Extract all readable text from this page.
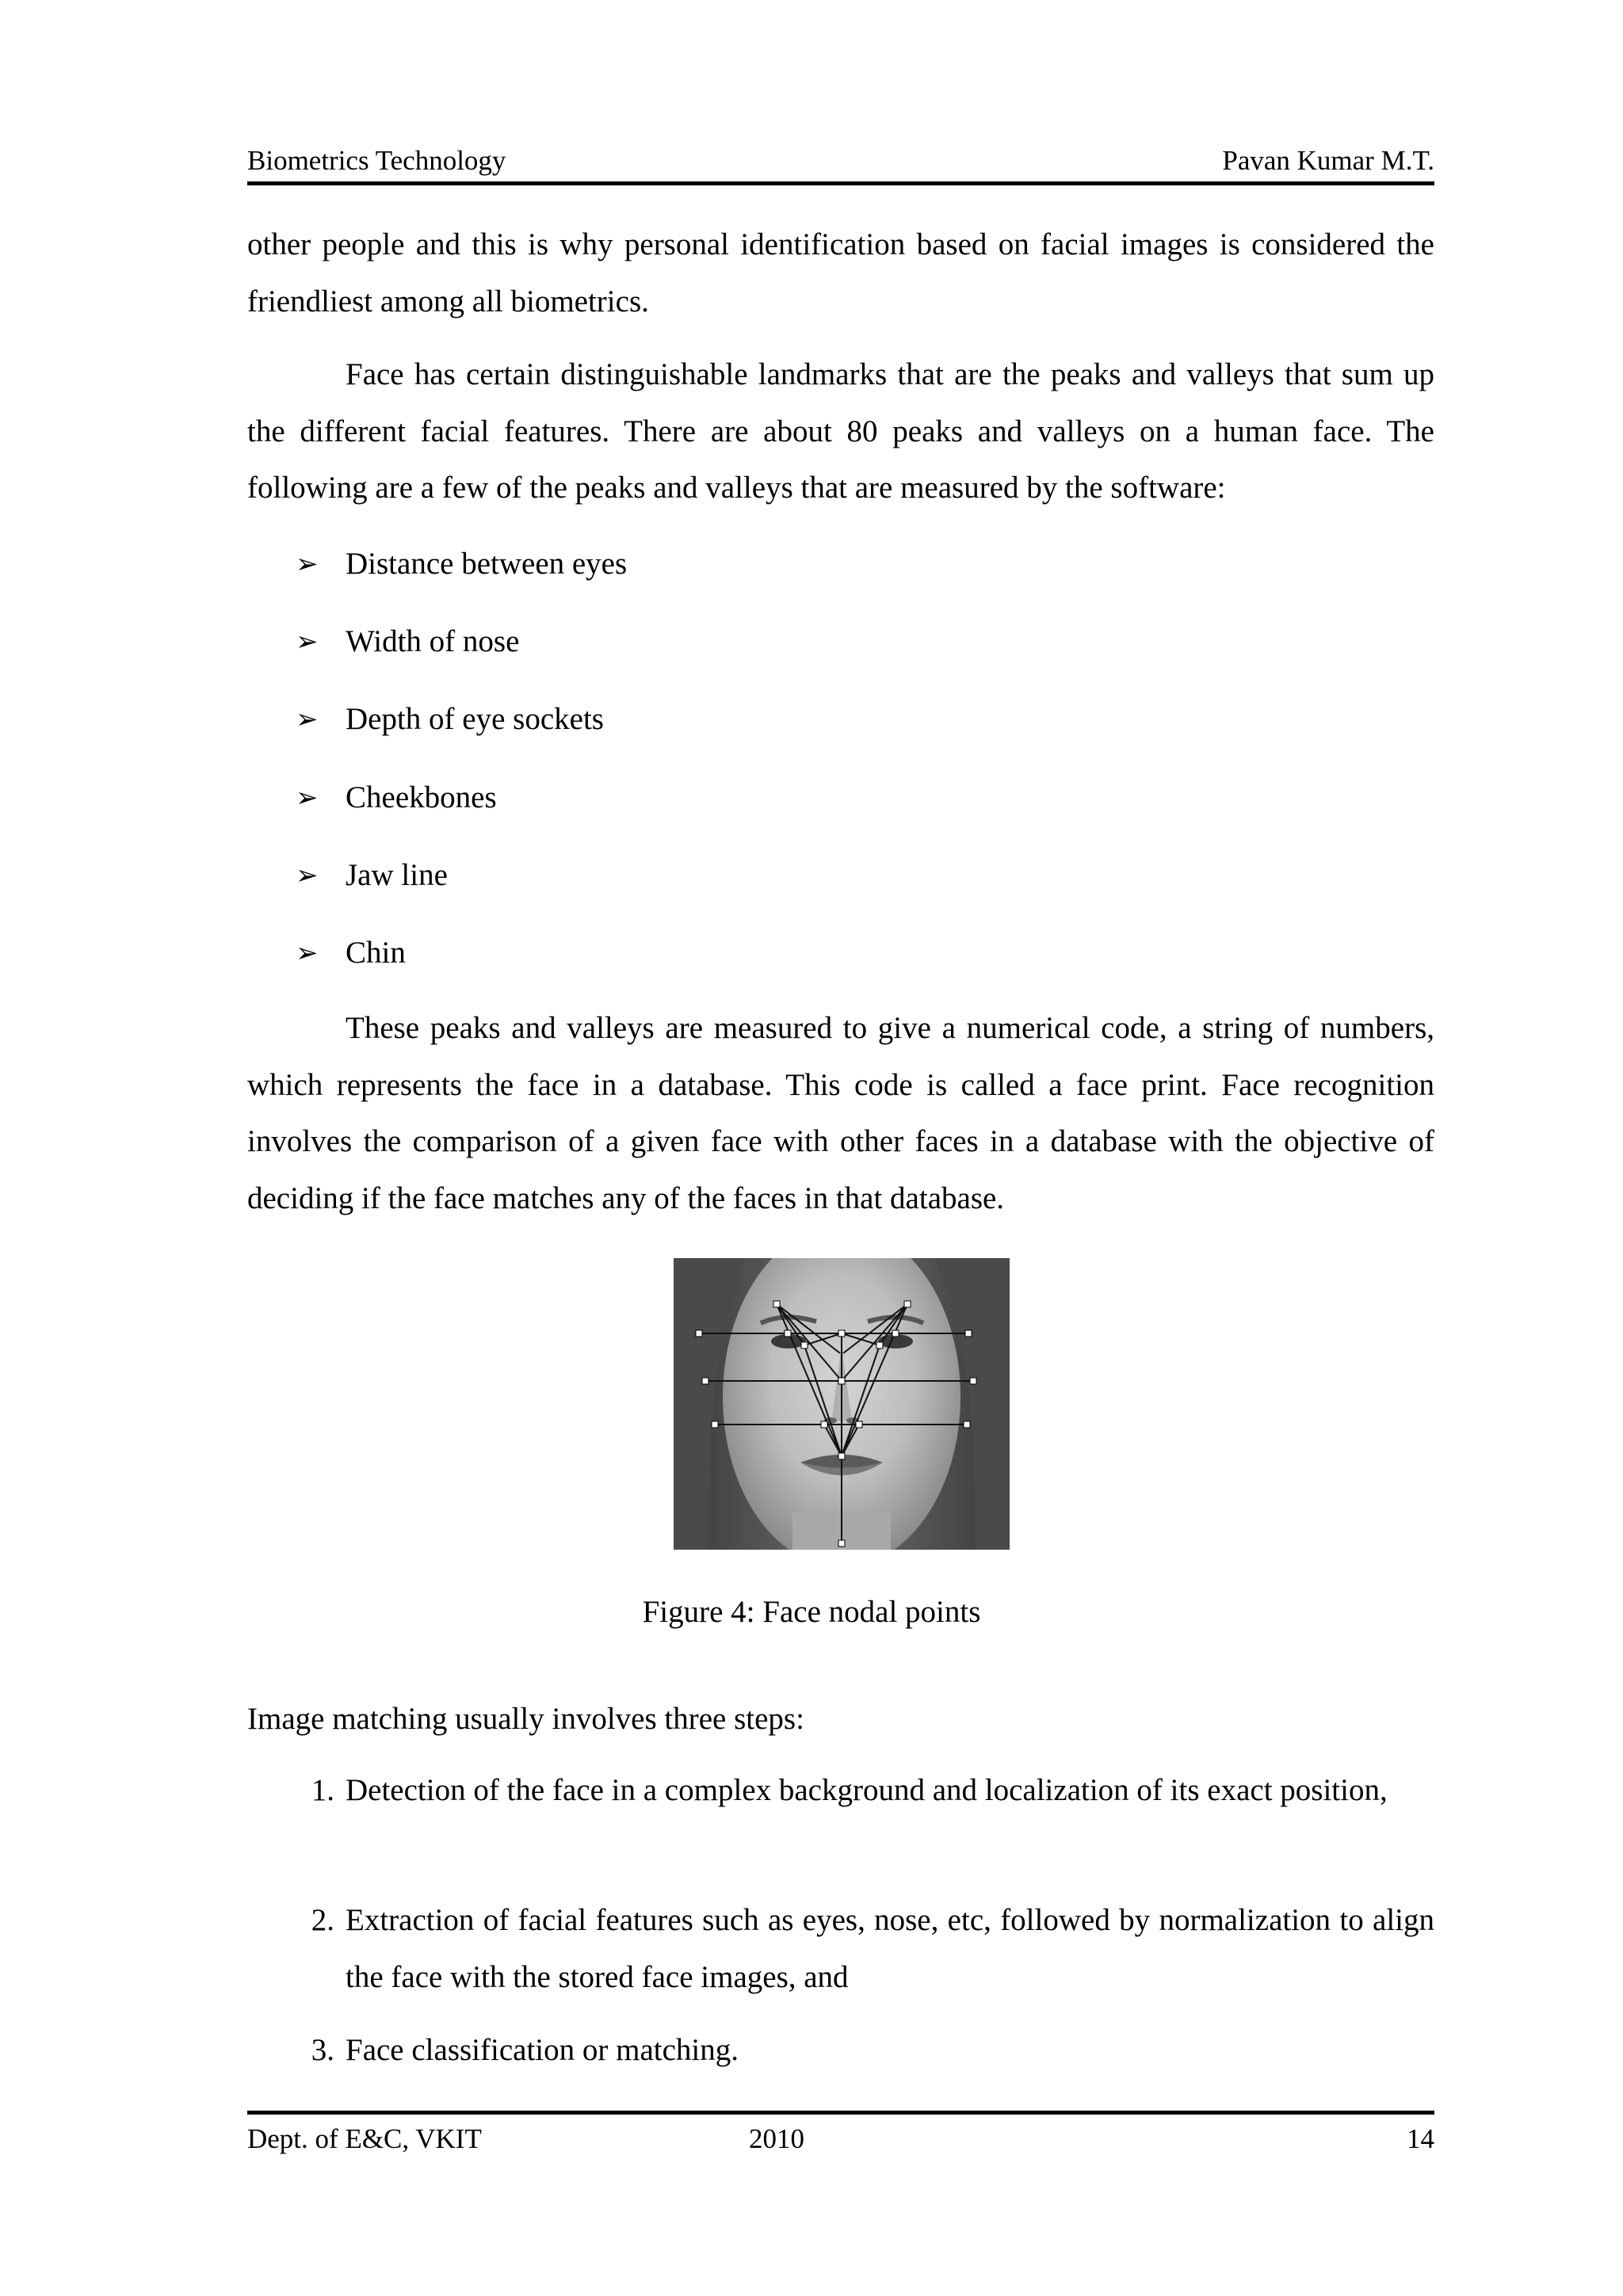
Biometrics Technology	Pavan Kumar M.T.
other people and this is why personal identification based on facial images is considered the friendliest among all biometrics.
Face has certain distinguishable landmarks that are the peaks and valleys that sum up the different facial features. There are about 80 peaks and valleys on a human face. The following are a few of the peaks and valleys that are measured by the software:
➢ Distance between eyes
➢ Width of nose
➢ Depth of eye sockets
➢ Cheekbones
➢ Jaw line
➢ Chin
These peaks and valleys are measured to give a numerical code, a string of numbers, which represents the face in a database. This code is called a face print. Face recognition involves the comparison of a given face with other faces in a database with the objective of deciding if the face matches any of the faces in that database.
Figure 4: Face nodal points
Image matching usually involves three steps:
1. Detection of the face in a complex background and localization of its exact position,
2. Extraction of facial features such as eyes, nose, etc, followed by normalization to align the face with the stored face images, and
3. Face classification or matching.
Dept. of E&C, VKIT	2010	14
